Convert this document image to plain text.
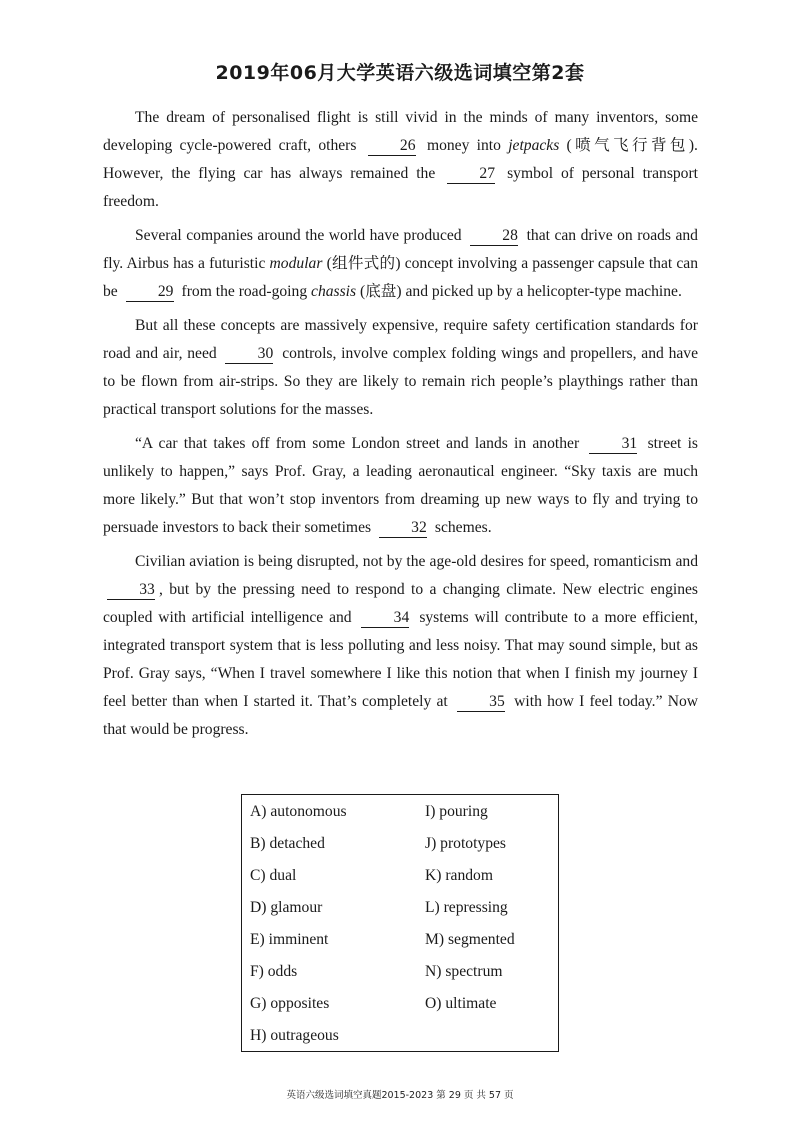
2019年06月大学英语六级选词填空第2套

The dream of personalised flight is still vivid in the minds of many inventors, some developing cycle-powered craft, others	26 money into jetpacks (喷气飞行背包). However, the flying car has always remained the	27 symbol of personal transport freedom.

Several companies around the world have produced	28 that can drive on roads and fly. Airbus has a futuristic modular (组件式的) concept involving a passenger capsule that can be	29 from the road-going chassis (底盘) and picked up by a helicopter-type machine.

But all these concepts are massively expensive, require safety certification standards for road and air, need	30 controls, involve complex folding wings and propellers, and have to be flown from air-strips. So they are likely to remain rich people’s playthings rather than practical transport solutions for the masses.

“A car that takes off from some London street and lands in another	31 street is unlikely to happen,” says Prof. Gray, a leading aeronautical engineer. “Sky taxis are much more likely.” But that won’t stop inventors from dreaming up new ways to fly and trying to persuade investors to back their sometimes	32 schemes.

Civilian aviation is being disrupted, not by the age-old desires for speed, romanticism and 33 , but by the pressing need to respond to a changing climate. New electric engines coupled with artificial intelligence and	34 systems will contribute to a more efficient, integrated transport system that is less polluting and less noisy. That may sound simple, but as Prof. Gray says, “When I travel somewhere I like this notion that when I finish my journey I feel better than when I started it. That’s completely at	35 with how I feel today.” Now that would be progress.

A) autonomous	I) pouring
B) detached	J) prototypes
C) dual	K) random
D) glamour	L) repressing
E) imminent	M) segmented
F) odds	N) spectrum
G) opposites	O) ultimate
H) outrageous
英语六级选词填空真题2015-2023 第 29 页 共 57 页
